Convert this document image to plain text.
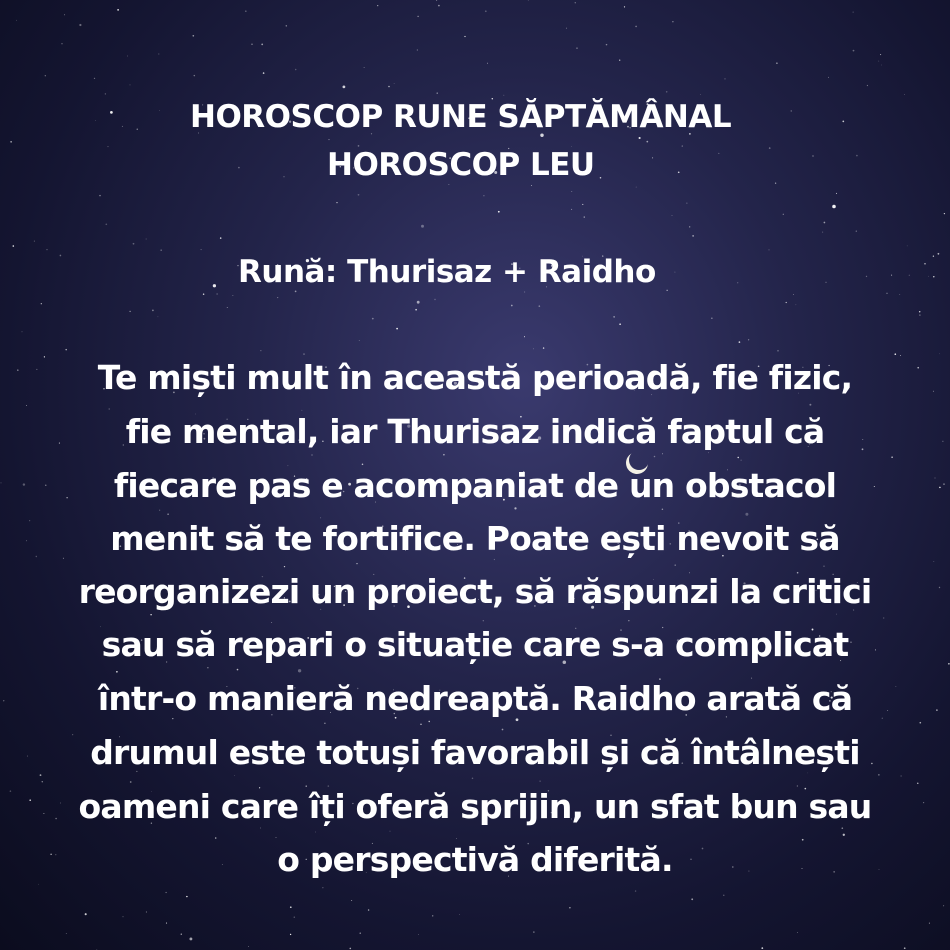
HOROSCOP RUNE SĂPTĂMÂNAL
HOROSCOP LEU
Rună: Thurisaz + Raidho
Te miști mult în această perioadă, fie fizic,
fie mental, iar Thurisaz indică faptul că
fiecare pas e acompaniat de un obstacol
menit să te fortifice. Poate ești nevoit să
reorganizezi un proiect, să răspunzi la critici
sau să repari o situație care s-a complicat
într-o manieră nedreaptă. Raidho arată că
drumul este totuși favorabil și că întâlnești
oameni care îți oferă sprijin, un sfat bun sau
o perspectivă diferită.
